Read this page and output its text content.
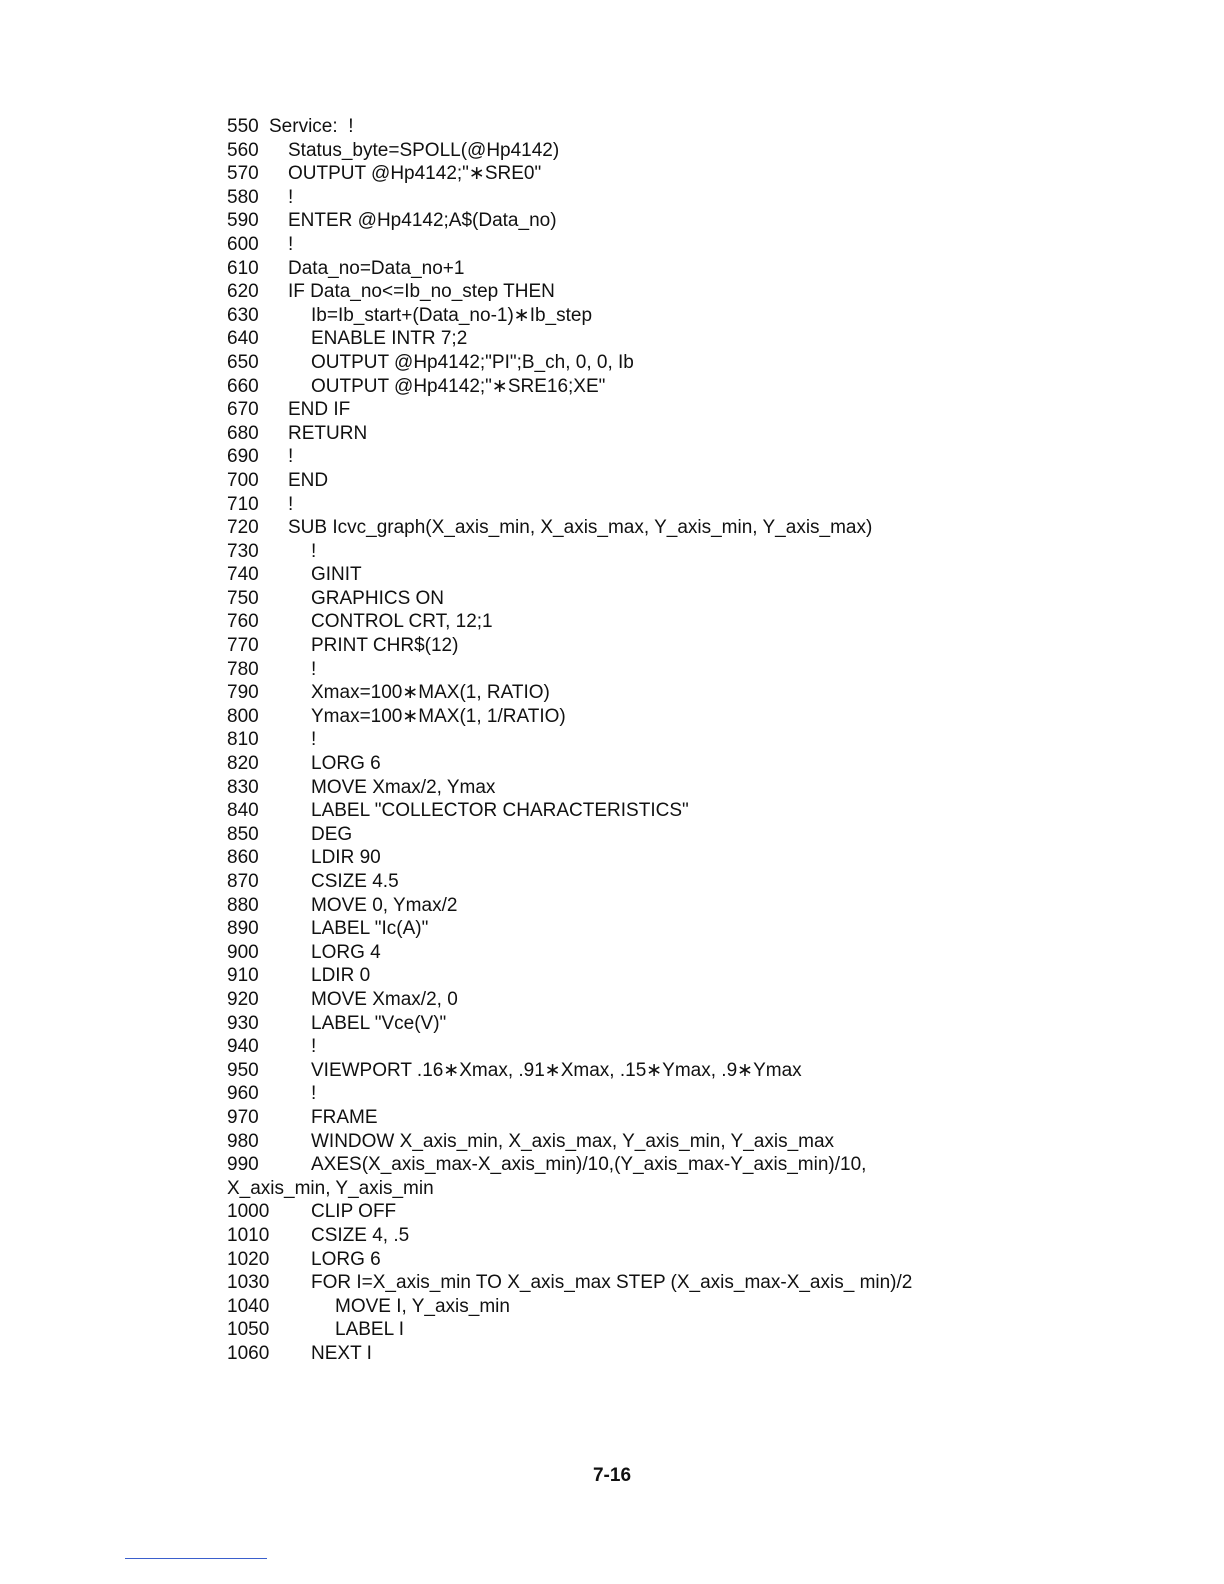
550 Service:  !
560 Status_byte=SPOLL(@Hp4142)
570 OUTPUT @Hp4142;"∗SRE0"
580 !
590 ENTER @Hp4142;A$(Data_no)
600 !
610 Data_no=Data_no+1
620 IF Data_no<=Ib_no_step THEN
630	Ib=Ib_start+(Data_no-1)∗Ib_step
640	ENABLE INTR 7;2
650	OUTPUT @Hp4142;"PI";B_ch, 0, 0, Ib
660	OUTPUT @Hp4142;"∗SRE16;XE"
670 END IF
680 RETURN
690 !
700 END
710 !
720 SUB Icvc_graph(X_axis_min, X_axis_max, Y_axis_min, Y_axis_max)
730	!
740	GINIT
750	GRAPHICS ON
760	CONTROL CRT, 12;1
770	PRINT CHR$(12)
780	!
790	Xmax=100∗MAX(1, RATIO)
800	Ymax=100∗MAX(1, 1/RATIO)
810	!
820	LORG 6
830	MOVE Xmax/2, Ymax
840	LABEL "COLLECTOR CHARACTERISTICS"
850	DEG
860	LDIR 90
870	CSIZE 4.5
880	MOVE 0, Ymax/2
890	LABEL "Ic(A)"
900	LORG 4
910	LDIR 0
920	MOVE Xmax/2, 0
930	LABEL "Vce(V)"
940	!
950	VIEWPORT .16∗Xmax, .91∗Xmax, .15∗Ymax, .9∗Ymax
960	!
970	FRAME
980	WINDOW X_axis_min, X_axis_max, Y_axis_min, Y_axis_max
990	AXES(X_axis_max-X_axis_min)/10,(Y_axis_max-Y_axis_min)/10,
X_axis_min, Y_axis_min
1000 CLIP OFF
1010 CSIZE 4, .5
1020 LORG 6
1030 FOR I=X_axis_min TO X_axis_max STEP (X_axis_max-X_axis_ min)/2
1040	MOVE I, Y_axis_min
1050	LABEL I
1060 NEXT I
7-16
